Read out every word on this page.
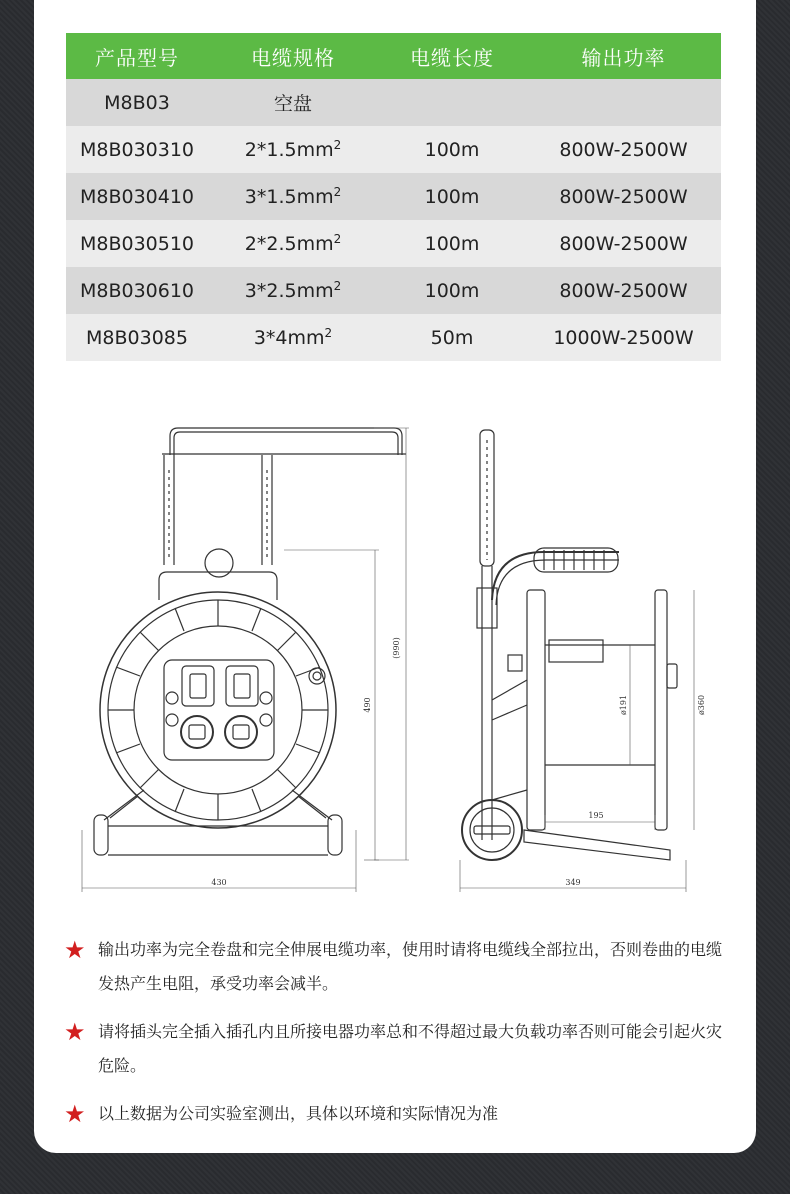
产品型号	电缆规格	电缆长度	输出功率
M8B03	空盘		
M8B030310	$2*1.5mm^2$	100m	800W-2500W
M8B030410	$3*1.5mm^2$	100m	800W-2500W
M8B030510	$2*2.5mm^2$	100m	800W-2500W
M8B030610	$3*2.5mm^2$	100m	800W-2500W
M8B03085	$3*4mm^2$	50m	1000W-2500W
(990)
490
430
ø191	ø360
195
349
★ 输出功率为完全卷盘和完全伸展电缆功率，使用时请将电缆线全部拉出，否则卷曲的电缆发热产生电阻，承受功率会减半。
★ 请将插头完全插入插孔内且所接电器功率总和不得超过最大负载功率否则可能会引起火灾危险。
★ 以上数据为公司实验室测出，具体以环境和实际情况为准
